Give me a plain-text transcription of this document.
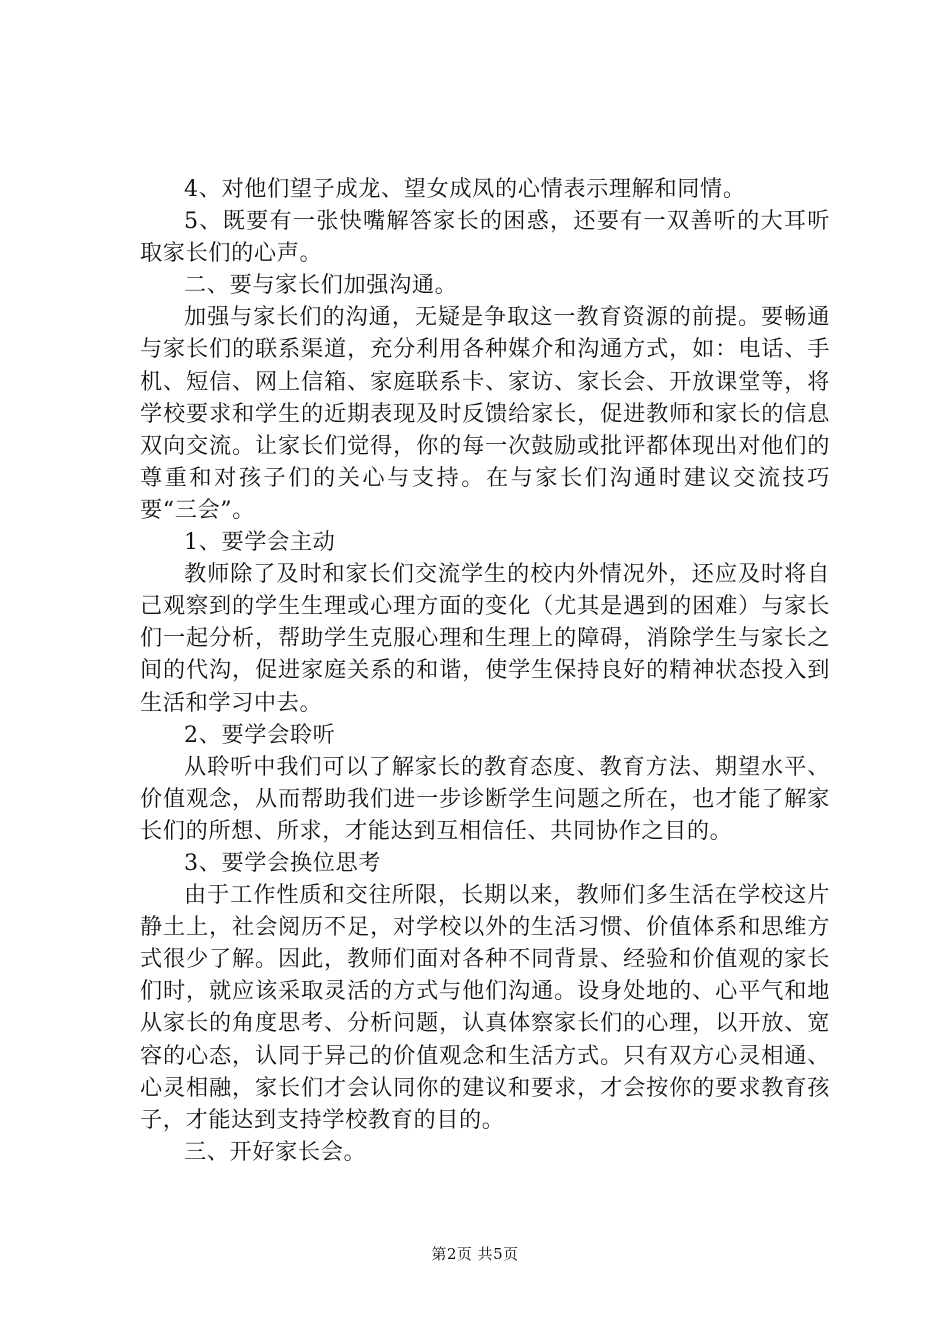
4、对他们望子成龙、望女成凤的心情表示理解和同情。

5、既要有一张快嘴解答家长的困惑，还要有一双善听的大耳听取家长们的心声。

二、要与家长们加强沟通。

加强与家长们的沟通，无疑是争取这一教育资源的前提。要畅通与家长们的联系渠道，充分利用各种媒介和沟通方式，如：电话、手机、短信、网上信箱、家庭联系卡、家访、家长会、开放课堂等，将学校要求和学生的近期表现及时反馈给家长，促进教师和家长的信息双向交流。让家长们觉得，你的每一次鼓励或批评都体现出对他们的尊重和对孩子们的关心与支持。在与家长们沟通时建议交流技巧要“三会”。

1、要学会主动

教师除了及时和家长们交流学生的校内外情况外，还应及时将自己观察到的学生生理或心理方面的变化（尤其是遇到的困难）与家长们一起分析，帮助学生克服心理和生理上的障碍，消除学生与家长之间的代沟，促进家庭关系的和谐，使学生保持良好的精神状态投入到生活和学习中去。

2、要学会聆听

从聆听中我们可以了解家长的教育态度、教育方法、期望水平、价值观念，从而帮助我们进一步诊断学生问题之所在，也才能了解家长们的所想、所求，才能达到互相信任、共同协作之目的。

3、要学会换位思考

由于工作性质和交往所限，长期以来，教师们多生活在学校这片静土上，社会阅历不足，对学校以外的生活习惯、价值体系和思维方式很少了解。因此，教师们面对各种不同背景、经验和价值观的家长们时，就应该采取灵活的方式与他们沟通。设身处地的、心平气和地从家长的角度思考、分析问题，认真体察家长们的心理，以开放、宽容的心态，认同于异己的价值观念和生活方式。只有双方心灵相通、心灵相融，家长们才会认同你的建议和要求，才会按你的要求教育孩子，才能达到支持学校教育的目的。

三、开好家长会。

第2页 共5页
